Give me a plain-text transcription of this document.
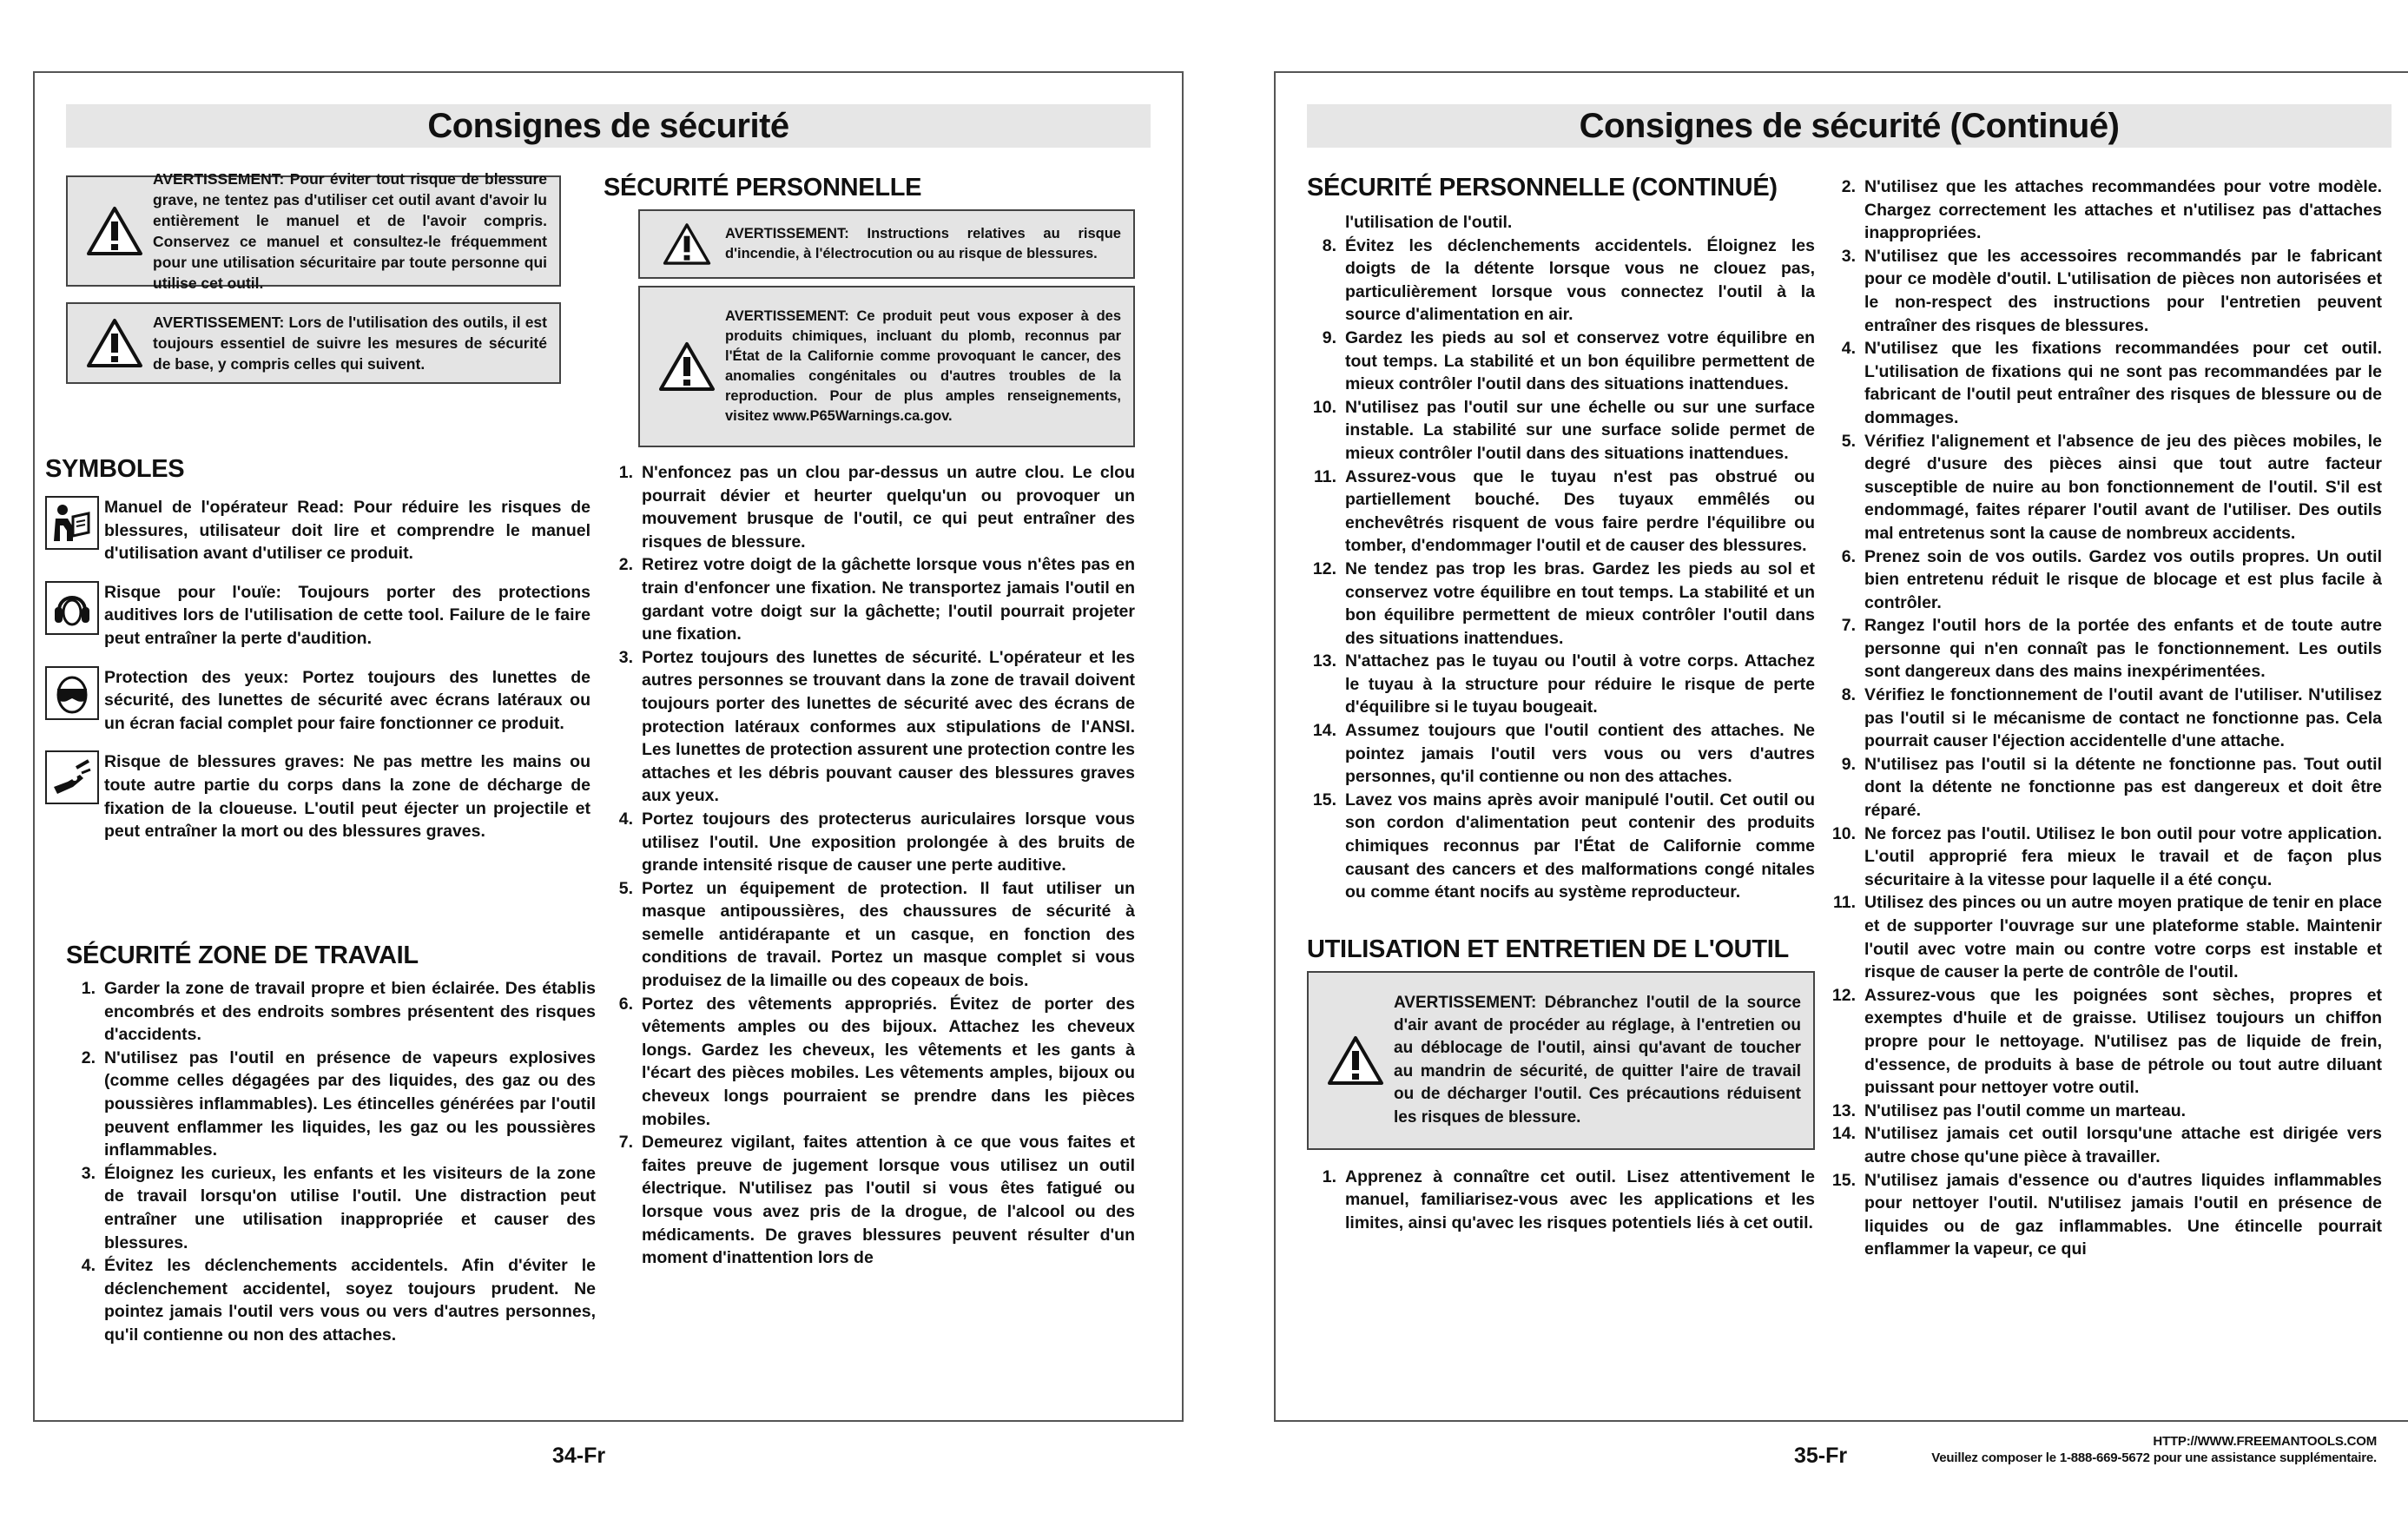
Consignes de sécurité
AVERTISSEMENT: Pour éviter tout risque de blessure grave, ne tentez pas d'utiliser cet outil avant d'avoir lu entièrement le manuel et de l'avoir compris. Conservez ce manuel et consultez-le fréquemment pour une utilisation sécuritaire par toute personne qui utilise cet outil.
AVERTISSEMENT: Lors de l'utilisation des outils, il est toujours essentiel de suivre les mesures de sécurité de base, y compris celles qui suivent.
SYMBOLES
Manuel de l'opérateur Read: Pour réduire les risques de blessures, utilisateur doit lire et comprendre le manuel d'utilisation avant d'utiliser ce produit.
Risque pour l'ouïe: Toujours porter des protections auditives lors de l'utilisation de cette tool. Failure de le faire peut entraîner la perte d'audition.
Protection des yeux: Portez toujours des lunettes de sécurité, des lunettes de sécurité avec écrans latéraux ou un écran facial complet pour faire fonctionner ce produit.
Risque de blessures graves: Ne pas mettre les mains ou toute autre partie du corps dans la zone de décharge de fixation de la cloueuse. L'outil peut éjecter un projectile et peut entraîner la mort ou des blessures graves.
SÉCURITÉ ZONE DE TRAVAIL
1. Garder la zone de travail propre et bien éclairée. Des établis encombrés et des endroits sombres présentent des risques d'accidents.
2. N'utilisez pas l'outil en présence de vapeurs explosives (comme celles dégagées par des liquides, des gaz ou des poussières inflammables). Les étincelles générées par l'outil peuvent enflammer les liquides, les gaz ou les poussières inflammables.
3. Éloignez les curieux, les enfants et les visiteurs de la zone de travail lorsqu'on utilise l'outil. Une distraction peut entraîner une utilisation inappropriée et causer des blessures.
4. Évitez les déclenchements accidentels. Afin d'éviter le déclenchement accidentel, soyez toujours prudent. Ne pointez jamais l'outil vers vous ou vers d'autres personnes, qu'il contienne ou non des attaches.
SÉCURITÉ PERSONNELLE
AVERTISSEMENT: Instructions relatives au risque d'incendie, à l'électrocution ou au risque de blessures.
AVERTISSEMENT: Ce produit peut vous exposer à des produits chimiques, incluant du plomb, reconnus par l'État de la Californie comme provoquant le cancer, des anomalies congénitales ou d'autres troubles de la reproduction. Pour de plus amples renseignements, visitez www.P65Warnings.ca.gov.
1. N'enfoncez pas un clou par-dessus un autre clou. Le clou pourrait dévier et heurter quelqu'un ou provoquer un mouvement brusque de l'outil, ce qui peut entraîner des risques de blessure.
2. Retirez votre doigt de la gâchette lorsque vous n'êtes pas en train d'enfoncer une fixation. Ne transportez jamais l'outil en gardant votre doigt sur la gâchette; l'outil pourrait projeter une fixation.
3. Portez toujours des lunettes de sécurité. L'opérateur et les autres personnes se trouvant dans la zone de travail doivent toujours porter des lunettes de sécurité avec des écrans de protection latéraux conformes aux stipulations de l'ANSI. Les lunettes de protection assurent une protection contre les attaches et les débris pouvant causer des blessures graves aux yeux.
4. Portez toujours des protecterus auriculaires lorsque vous utilisez l'outil. Une exposition prolongée à des bruits de grande intensité risque de causer une perte auditive.
5. Portez un équipement de protection. Il faut utiliser un masque antipoussières, des chaussures de sécurité à semelle antidérapante et un casque, en fonction des conditions de travail. Portez un masque complet si vous produisez de la limaille ou des copeaux de bois.
6. Portez des vêtements appropriés. Évitez de porter des vêtements amples ou des bijoux. Attachez les cheveux longs. Gardez les cheveux, les vêtements et les gants à l'écart des pièces mobiles. Les vêtements amples, bijoux ou cheveux longs pourraient se prendre dans les pièces mobiles.
7. Demeurez vigilant, faites attention à ce que vous faites et faites preuve de jugement lorsque vous utilisez un outil électrique. N'utilisez pas l'outil si vous êtes fatigué ou lorsque vous avez pris de la drogue, de l'alcool ou des médicaments. De graves blessures peuvent résulter d'un moment d'inattention lors de
34-Fr
Consignes de sécurité (Continué)
SÉCURITÉ PERSONNELLE (CONTINUÉ)
l'utilisation de l'outil.
8. Évitez les déclenchements accidentels. Éloignez les doigts de la détente lorsque vous ne clouez pas, particulièrement lorsque vous connectez l'outil à la source d'alimentation en air.
9. Gardez les pieds au sol et conservez votre équilibre en tout temps. La stabilité et un bon équilibre permettent de mieux contrôler l'outil dans des situations inattendues.
10. N'utilisez pas l'outil sur une échelle ou sur une surface instable. La stabilité sur une surface solide permet de mieux contrôler l'outil dans des situations inattendues.
11. Assurez-vous que le tuyau n'est pas obstrué ou partiellement bouché. Des tuyaux emmêlés ou enchevêtrés risquent de vous faire perdre l'équilibre ou tomber, d'endommager l'outil et de causer des blessures.
12. Ne tendez pas trop les bras. Gardez les pieds au sol et conservez votre équilibre en tout temps. La stabilité et un bon équilibre permettent de mieux contrôler l'outil dans des situations inattendues.
13. N'attachez pas le tuyau ou l'outil à votre corps. Attachez le tuyau à la structure pour réduire le risque de perte d'équilibre si le tuyau bougeait.
14. Assumez toujours que l'outil contient des attaches. Ne pointez jamais l'outil vers vous ou vers d'autres personnes, qu'il contienne ou non des attaches.
15. Lavez vos mains après avoir manipulé l'outil. Cet outil ou son cordon d'alimentation peut contenir des produits chimiques reconnus par l'État de Californie comme causant des cancers et des malformations congé nitales ou comme étant nocifs au système reproducteur.
UTILISATION ET ENTRETIEN DE L'OUTIL
AVERTISSEMENT: Débranchez l'outil de la source d'air avant de procéder au réglage, à l'entretien ou au déblocage de l'outil, ainsi qu'avant de toucher au mandrin de sécurité, de quitter l'aire de travail ou de décharger l'outil. Ces précautions réduisent les risques de blessure.
1. Apprenez à connaître cet outil. Lisez attentivement le manuel, familiarisez-vous avec les applications et les limites, ainsi qu'avec les risques potentiels liés à cet outil.
2. N'utilisez que les attaches recommandées pour votre modèle. Chargez correctement les attaches et n'utilisez pas d'attaches inappropriées.
3. N'utilisez que les accessoires recommandés par le fabricant pour ce modèle d'outil. L'utilisation de pièces non autorisées et le non-respect des instructions pour l'entretien peuvent entraîner des risques de blessures.
4. N'utilisez que les fixations recommandées pour cet outil. L'utilisation de fixations qui ne sont pas recommandées par le fabricant de l'outil peut entraîner des risques de blessure ou de dommages.
5. Vérifiez l'alignement et l'absence de jeu des pièces mobiles, le degré d'usure des pièces ainsi que tout autre facteur susceptible de nuire au bon fonctionnement de l'outil. S'il est endommagé, faites réparer l'outil avant de l'utiliser. Des outils mal entretenus sont la cause de nombreux accidents.
6. Prenez soin de vos outils. Gardez vos outils propres. Un outil bien entretenu réduit le risque de blocage et est plus facile à contrôler.
7. Rangez l'outil hors de la portée des enfants et de toute autre personne qui n'en connaît pas le fonctionnement. Les outils sont dangereux dans des mains inexpérimentées.
8. Vérifiez le fonctionnement de l'outil avant de l'utiliser. N'utilisez pas l'outil si le mécanisme de contact ne fonctionne pas. Cela pourrait causer l'éjection accidentelle d'une attache.
9. N'utilisez pas l'outil si la détente ne fonctionne pas. Tout outil dont la détente ne fonctionne pas est dangereux et doit être réparé.
10. Ne forcez pas l'outil. Utilisez le bon outil pour votre application. L'outil approprié fera mieux le travail et de façon plus sécuritaire à la vitesse pour laquelle il a été conçu.
11. Utilisez des pinces ou un autre moyen pratique de tenir en place et de supporter l'ouvrage sur une plateforme stable. Maintenir l'outil avec votre main ou contre votre corps est instable et risque de causer la perte de contrôle de l'outil.
12. Assurez-vous que les poignées sont sèches, propres et exemptes d'huile et de graisse. Utilisez toujours un chiffon propre pour le nettoyage. N'utilisez pas de liquide de frein, d'essence, de produits à base de pétrole ou tout autre diluant puissant pour nettoyer votre outil.
13. N'utilisez pas l'outil comme un marteau.
14. N'utilisez jamais cet outil lorsqu'une attache est dirigée vers autre chose qu'une pièce à travailler.
15. N'utilisez jamais d'essence ou d'autres liquides inflammables pour nettoyer l'outil. N'utilisez jamais l'outil en présence de liquides ou de gaz inflammables. Une étincelle pourrait enflammer la vapeur, ce qui
35-Fr
HTTP://WWW.FREEMANTOOLS.COM
Veuillez composer le 1-888-669-5672 pour une assistance supplémentaire.
